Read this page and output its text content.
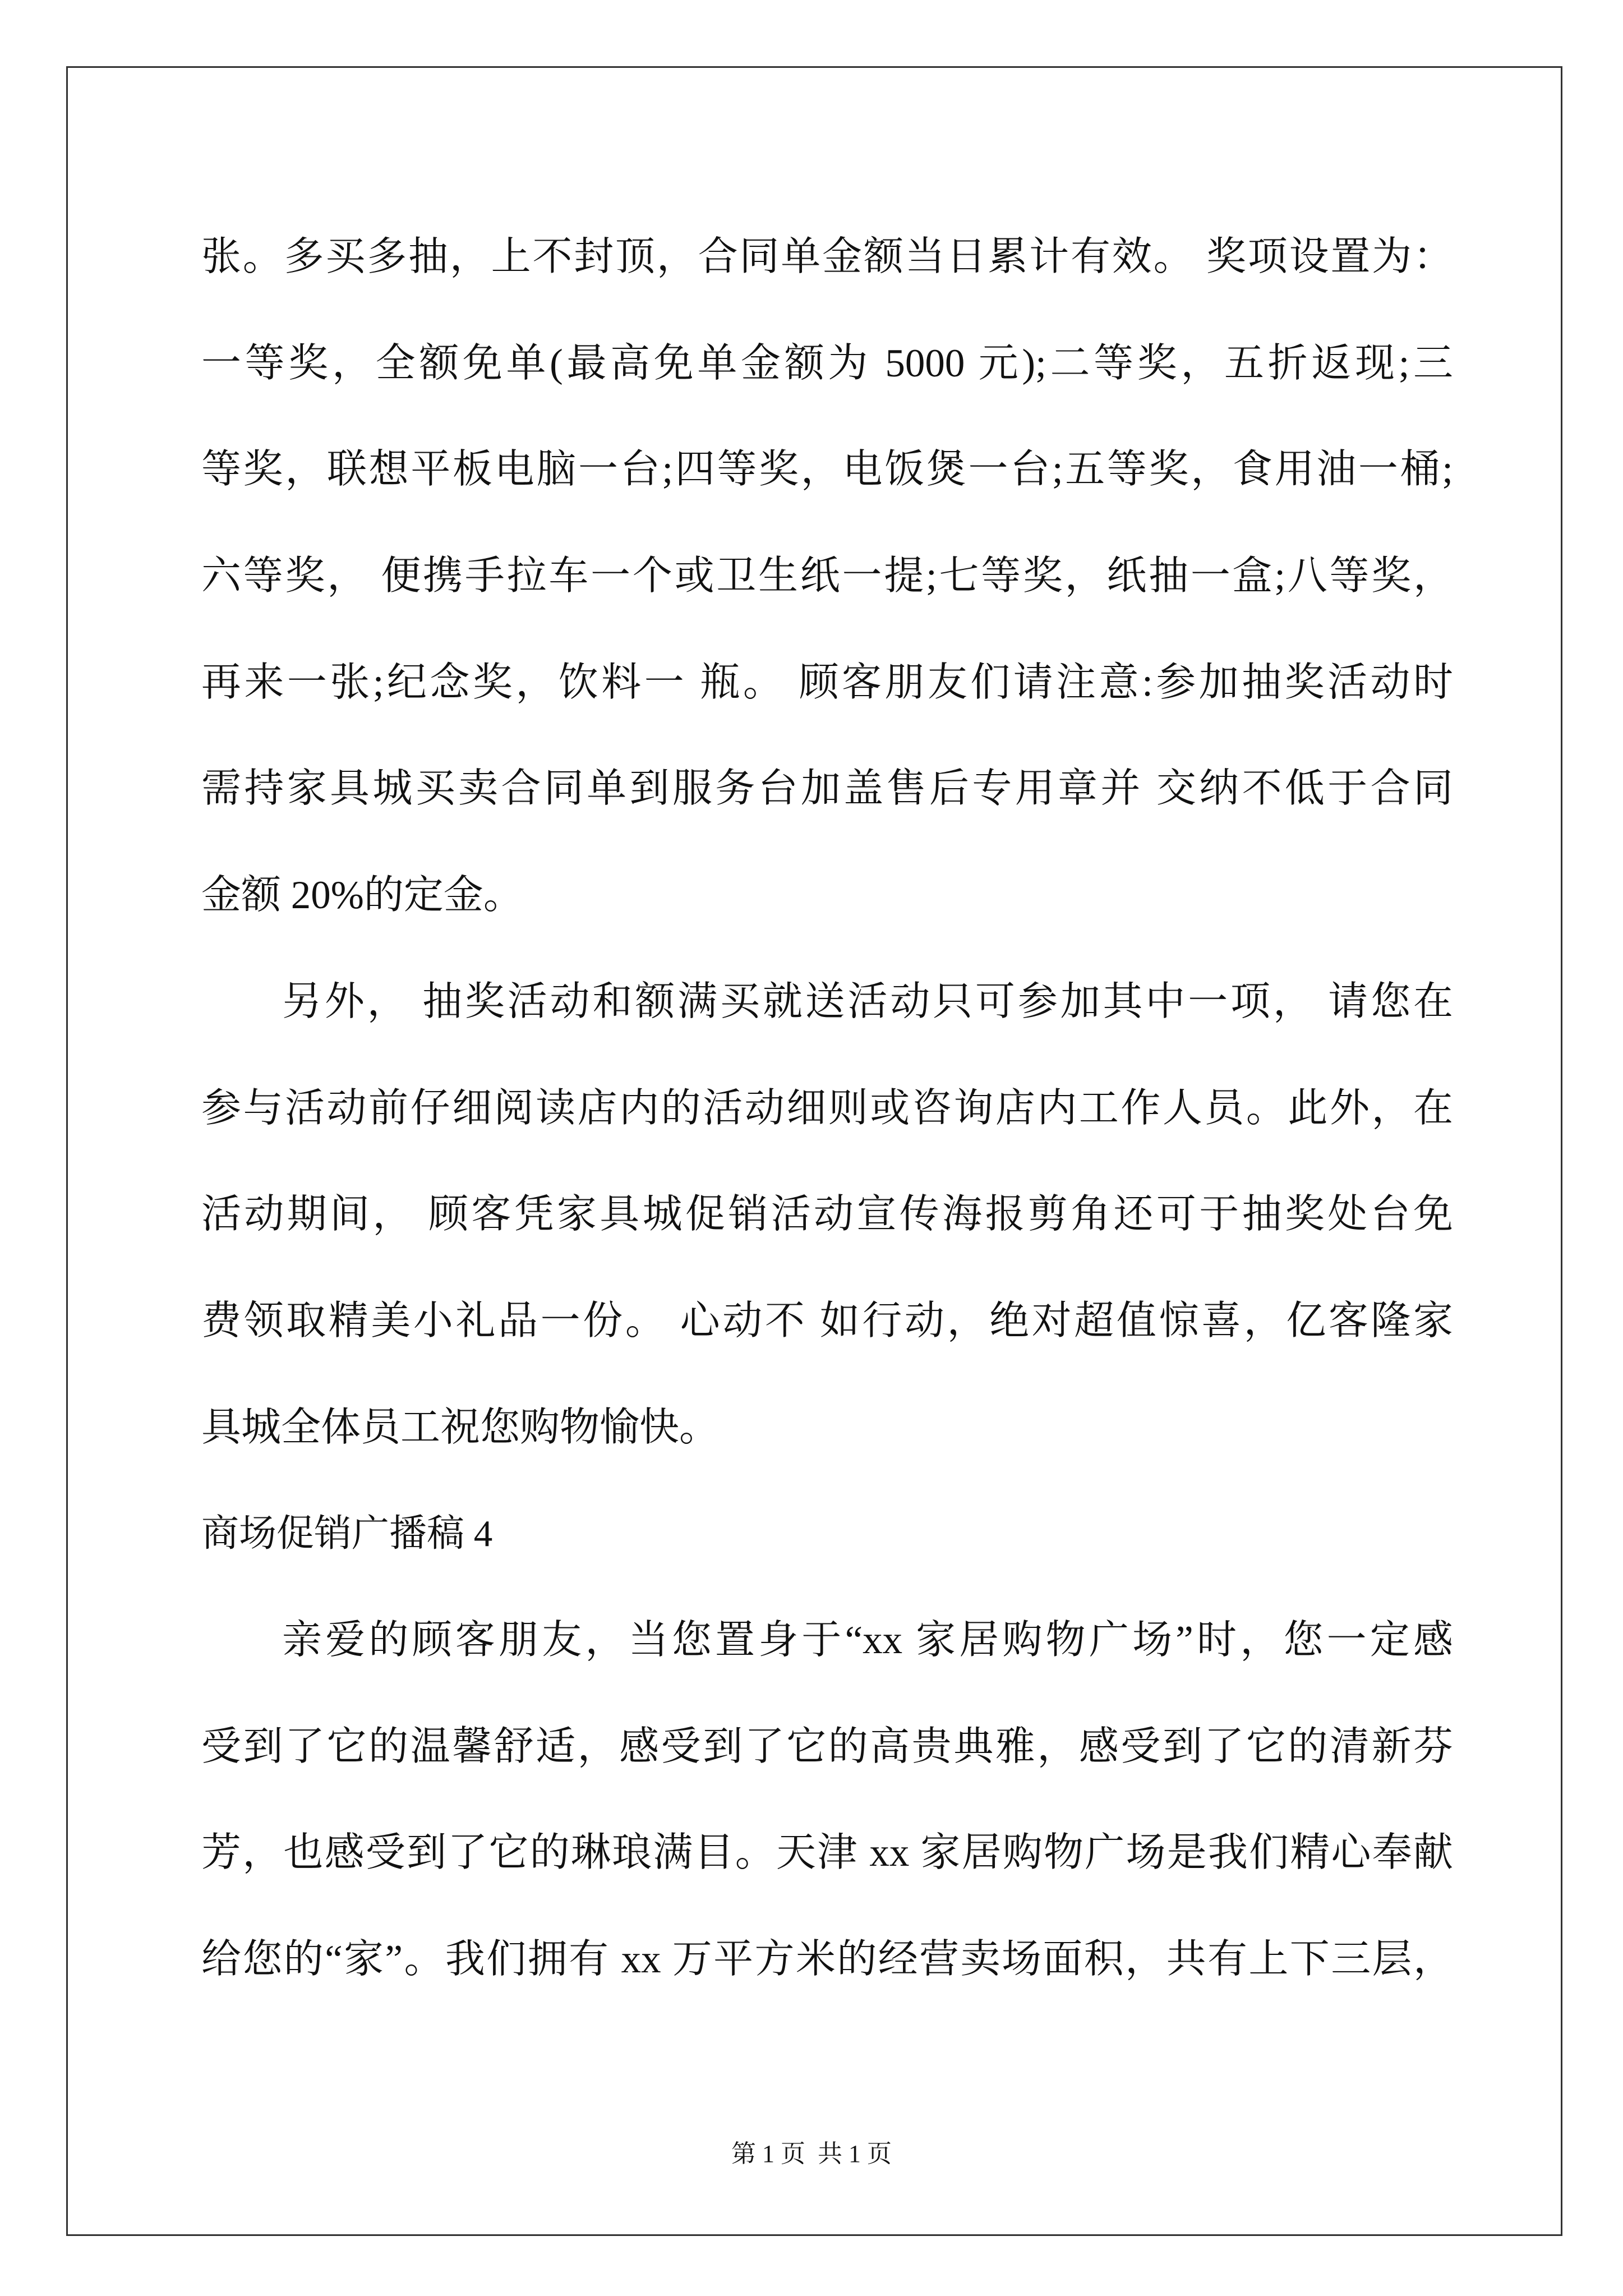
张。多买多抽，上不封顶，合同单金额当日累计有效。 奖项设置为：
一等奖，全额免单(最高免单金额为 5000 元);二等奖，五折返现;三
等奖，联想平板电脑一台;四等奖，电饭煲一台;五等奖，食用油一桶;
六等奖， 便携手拉车一个或卫生纸一提;七等奖，纸抽一盒;八等奖，
再来一张;纪念奖，饮料一 瓶。 顾客朋友们请注意:参加抽奖活动时
需持家具城买卖合同单到服务台加盖售后专用章并 交纳不低于合同
金额 20%的定金。
另外， 抽奖活动和额满买就送活动只可参加其中一项， 请您在
参与活动前仔细阅读店内的活动细则或咨询店内工作人员。此外，在
活动期间， 顾客凭家具城促销活动宣传海报剪角还可于抽奖处台免
费领取精美小礼品一份。 心动不 如行动，绝对超值惊喜，亿客隆家
具城全体员工祝您购物愉快。
商场促销广播稿 4
亲爱的顾客朋友，当您置身于“xx 家居购物广场”时，您一定感
受到了它的温馨舒适，感受到了它的高贵典雅，感受到了它的清新芬
芳，也感受到了它的琳琅满目。天津 xx 家居购物广场是我们精心奉献
给您的“家”。我们拥有 xx 万平方米的经营卖场面积，共有上下三层，
第 1 页  共 1 页
